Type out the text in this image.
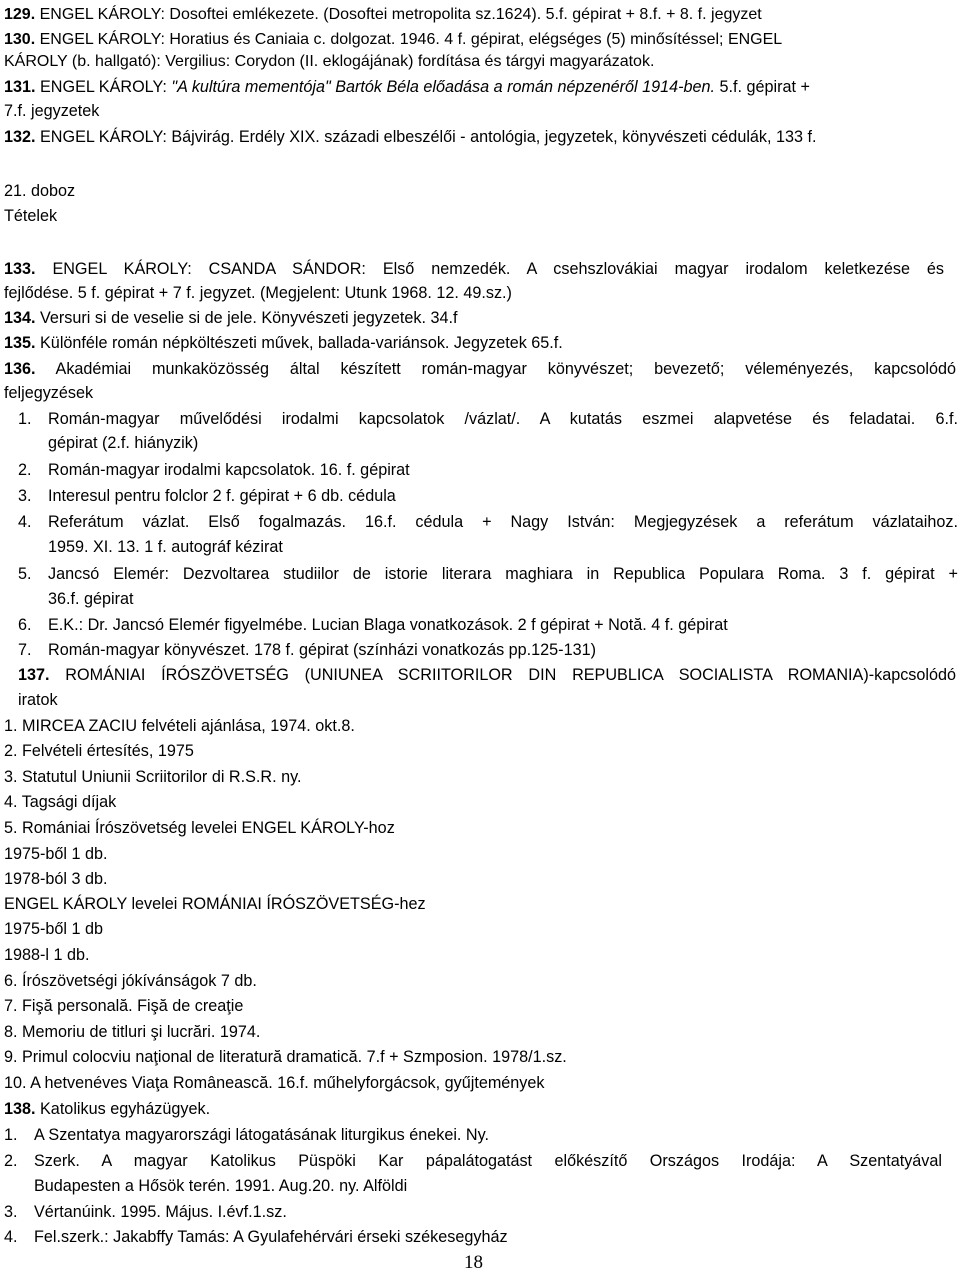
129. ENGEL KÁROLY: Dosoftei emlékezete. (Dosoftei metropolita sz.1624). 5.f. gépirat + 8.f. + 8. f. jegyzet
130. ENGEL KÁROLY: Horatius és Caniaia c. dolgozat. 1946. 4 f. gépirat, elégséges (5) minősítéssel; ENGEL
KÁROLY (b. hallgató): Vergilius: Corydon (II. eklogájának) fordítása és tárgyi magyarázatok.
131. ENGEL KÁROLY: "A kultúra mementója" Bartók Béla előadása a román népzenéről 1914-ben. 5.f. gépirat +
7.f. jegyzetek
132. ENGEL KÁROLY: Bájvirág. Erdély XIX. századi elbeszélői - antológia, jegyzetek, könyvészeti cédulák, 133 f.
21. doboz
Tételek
133. ENGEL KÁROLY: CSANDA SÁNDOR: Első nemzedék. A csehszlovákiai magyar irodalom keletkezése és
fejlődése. 5 f. gépirat + 7 f. jegyzet. (Megjelent: Utunk 1968. 12. 49.sz.)
134. Versuri si de veselie si de jele. Könyvészeti jegyzetek. 34.f
135. Különféle román népköltészeti művek, ballada-variánsok. Jegyzetek 65.f.
136. Akadémiai munkaközösség által készített román-magyar könyvészet; bevezető; véleményezés, kapcsolódó
feljegyzések
1. Román-magyar művelődési irodalmi kapcsolatok /vázlat/. A kutatás eszmei alapvetése és feladatai. 6.f.
gépirat (2.f. hiányzik)
2. Román-magyar irodalmi kapcsolatok. 16. f. gépirat
3. Interesul pentru folclor 2 f. gépirat + 6 db. cédula
4. Referátum vázlat. Első fogalmazás. 16.f. cédula + Nagy István: Megjegyzések a referátum vázlataihoz.
1959. XI. 13. 1 f. autográf kézirat
5. Jancsó Elemér: Dezvoltarea studiilor de istorie literara maghiara in Republica Populara Roma. 3 f. gépirat +
36.f. gépirat
6. E.K.: Dr. Jancsó Elemér figyelmébe. Lucian Blaga vonatkozások. 2 f gépirat + Notă. 4 f. gépirat
7. Román-magyar könyvészet. 178 f. gépirat (színházi vonatkozás pp.125-131)
137. ROMÁNIAI ÍRÓSZÖVETSÉG (UNIUNEA SCRIITORILOR DIN REPUBLICA SOCIALISTA ROMANIA)-kapcsolódó
iratok
1. MIRCEA ZACIU felvételi ajánlása, 1974. okt.8.
2. Felvételi értesítés, 1975
3. Statutul Uniunii Scriitorilor di R.S.R. ny.
4. Tagsági díjak
5. Romániai Írószövetség levelei ENGEL KÁROLY-hoz
1975-ből 1 db.
1978-ból 3 db.
ENGEL KÁROLY levelei ROMÁNIAI ÍRÓSZÖVETSÉG-hez
1975-ből 1 db
1988-l 1 db.
6. Írószövetségi jókívánságok 7 db.
7. Fişă personală. Fişă de creaţie
8. Memoriu de titluri şi lucrări. 1974.
9. Primul colocviu naţional de literatură dramatică. 7.f + Szmposion. 1978/1.sz.
10. A hetvenéves Viaţa Românească. 16.f. műhelyforgácsok, gyűjtemények
138. Katolikus egyházügyek.
1. A Szentatya magyarországi látogatásának liturgikus énekei. Ny.
2. Szerk. A magyar Katolikus Püspöki Kar pápalátogatást előkészítő Országos Irodája: A Szentatyával
Budapesten a Hősök terén. 1991. Aug.20. ny. Alföldi
3. Vértanúink. 1995. Május. I.évf.1.sz.
4. Fel.szerk.: Jakabffy Tamás: A Gyulafehérvári érseki székesegyház
18
